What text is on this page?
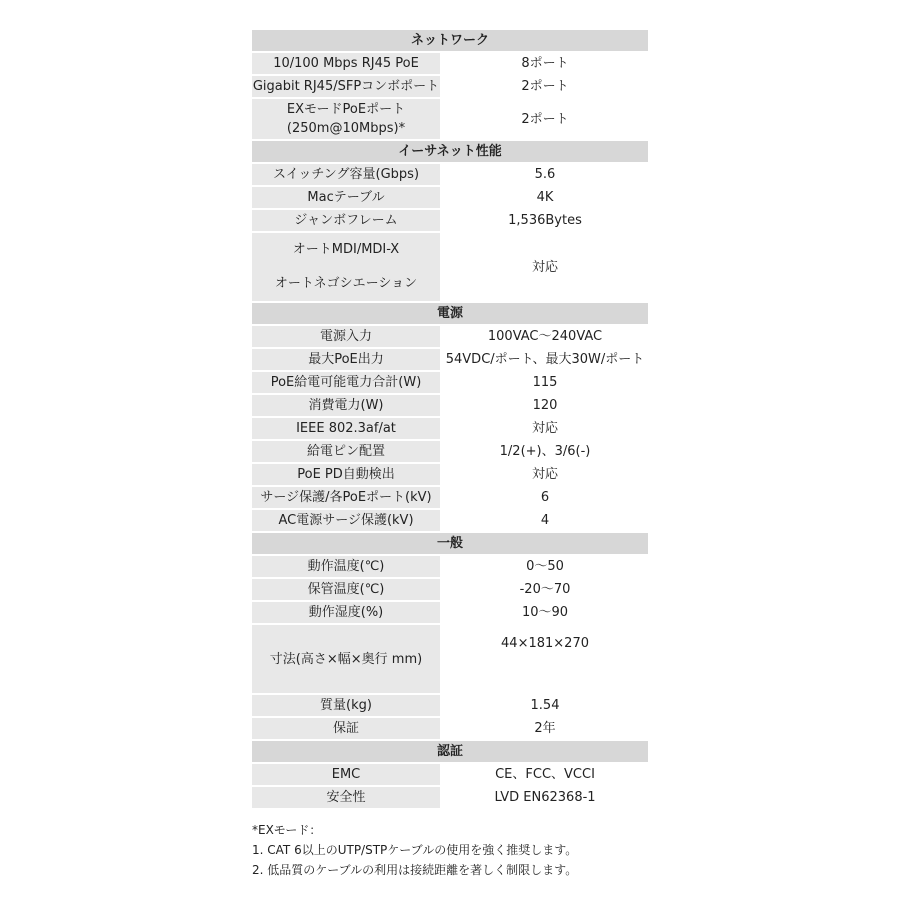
ネットワーク	
10/100 Mbps RJ45 PoE	8ポート
Gigabit RJ45/SFPコンボポート	2ポート

EXモードPoEポート
(250m@10Mbps)*	2ポート
イーサネット性能	
スイッチング容量(Gbps)	5.6
Macテーブル	4K
ジャンボフレーム	1,536Bytes

オートMDI/MDI-X
オートネゴシエーション	対応
電源	
電源入力	100VAC～240VAC
最大PoE出力	54VDC/ポート、最大30W/ポート
PoE給電可能電力合計(W)	115
消費電力(W)	120
IEEE 802.3af/at	対応
給電ピン配置	1/2(+)、3/6(-)
PoE PD自動検出	対応
サージ保護/各PoEポート(kV)	6
AC電源サージ保護(kV)	4
一般	
動作温度(℃)	0～50
保管温度(℃)	-20～70
動作湿度(%)	10～90
寸法(高さ×幅×奥行 mm)	44×181×270

質量(kg)	1.54
保証	2年
認証	
EMC	CE、FCC、VCCI
安全性	LVD EN62368-1
*EXモード：
1. CAT 6以上のUTP/STPケーブルの使用を強く推奨します。
2. 低品質のケーブルの利用は接続距離を著しく制限します。
